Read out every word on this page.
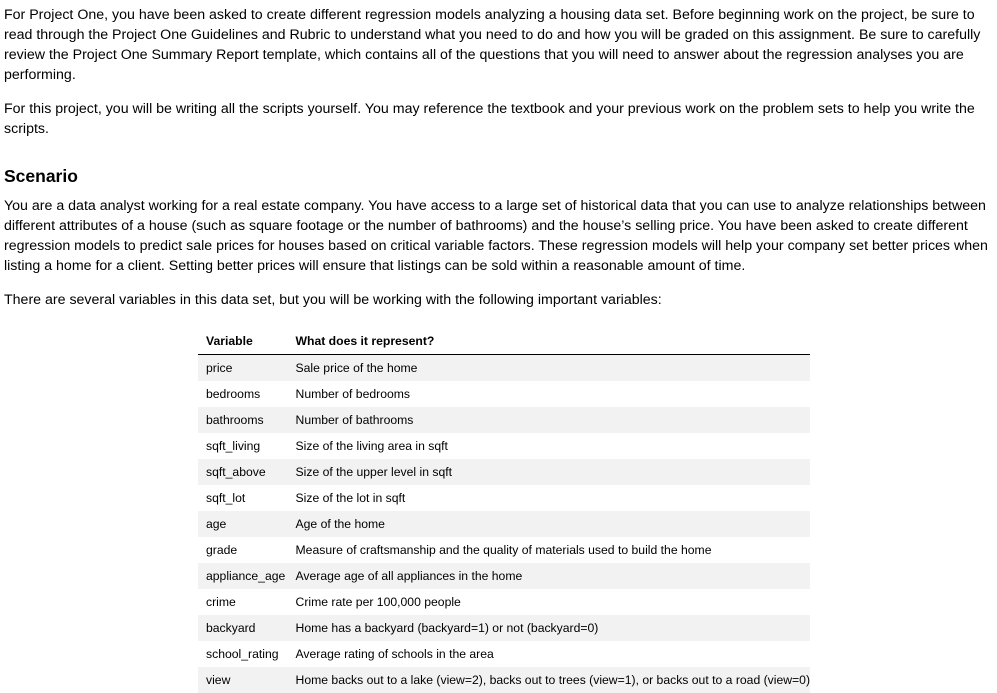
For Project One, you have been asked to create different regression models analyzing a housing data set. Before beginning work on the project, be sure to read through the Project One Guidelines and Rubric to understand what you need to do and how you will be graded on this assignment. Be sure to carefully review the Project One Summary Report template, which contains all of the questions that you will need to answer about the regression analyses you are performing.

For this project, you will be writing all the scripts yourself. You may reference the textbook and your previous work on the problem sets to help you write the scripts.

Scenario

You are a data analyst working for a real estate company. You have access to a large set of historical data that you can use to analyze relationships between different attributes of a house (such as square footage or the number of bathrooms) and the house’s selling price. You have been asked to create different regression models to predict sale prices for houses based on critical variable factors. These regression models will help your company set better prices when listing a home for a client. Setting better prices will ensure that listings can be sold within a reasonable amount of time.

There are several variables in this data set, but you will be working with the following important variables:

Variable	What does it represent?
price	Sale price of the home
bedrooms	Number of bedrooms
bathrooms	Number of bathrooms
sqft_living	Size of the living area in sqft
sqft_above	Size of the upper level in sqft
sqft_lot	Size of the lot in sqft
age	Age of the home
grade	Measure of craftsmanship and the quality of materials used to build the home
appliance_age	Average age of all appliances in the home
crime	Crime rate per 100,000 people
backyard	Home has a backyard (backyard=1) or not (backyard=0)
school_rating	Average rating of schools in the area
view	Home backs out to a lake (view=2), backs out to trees (view=1), or backs out to a road (view=0)
